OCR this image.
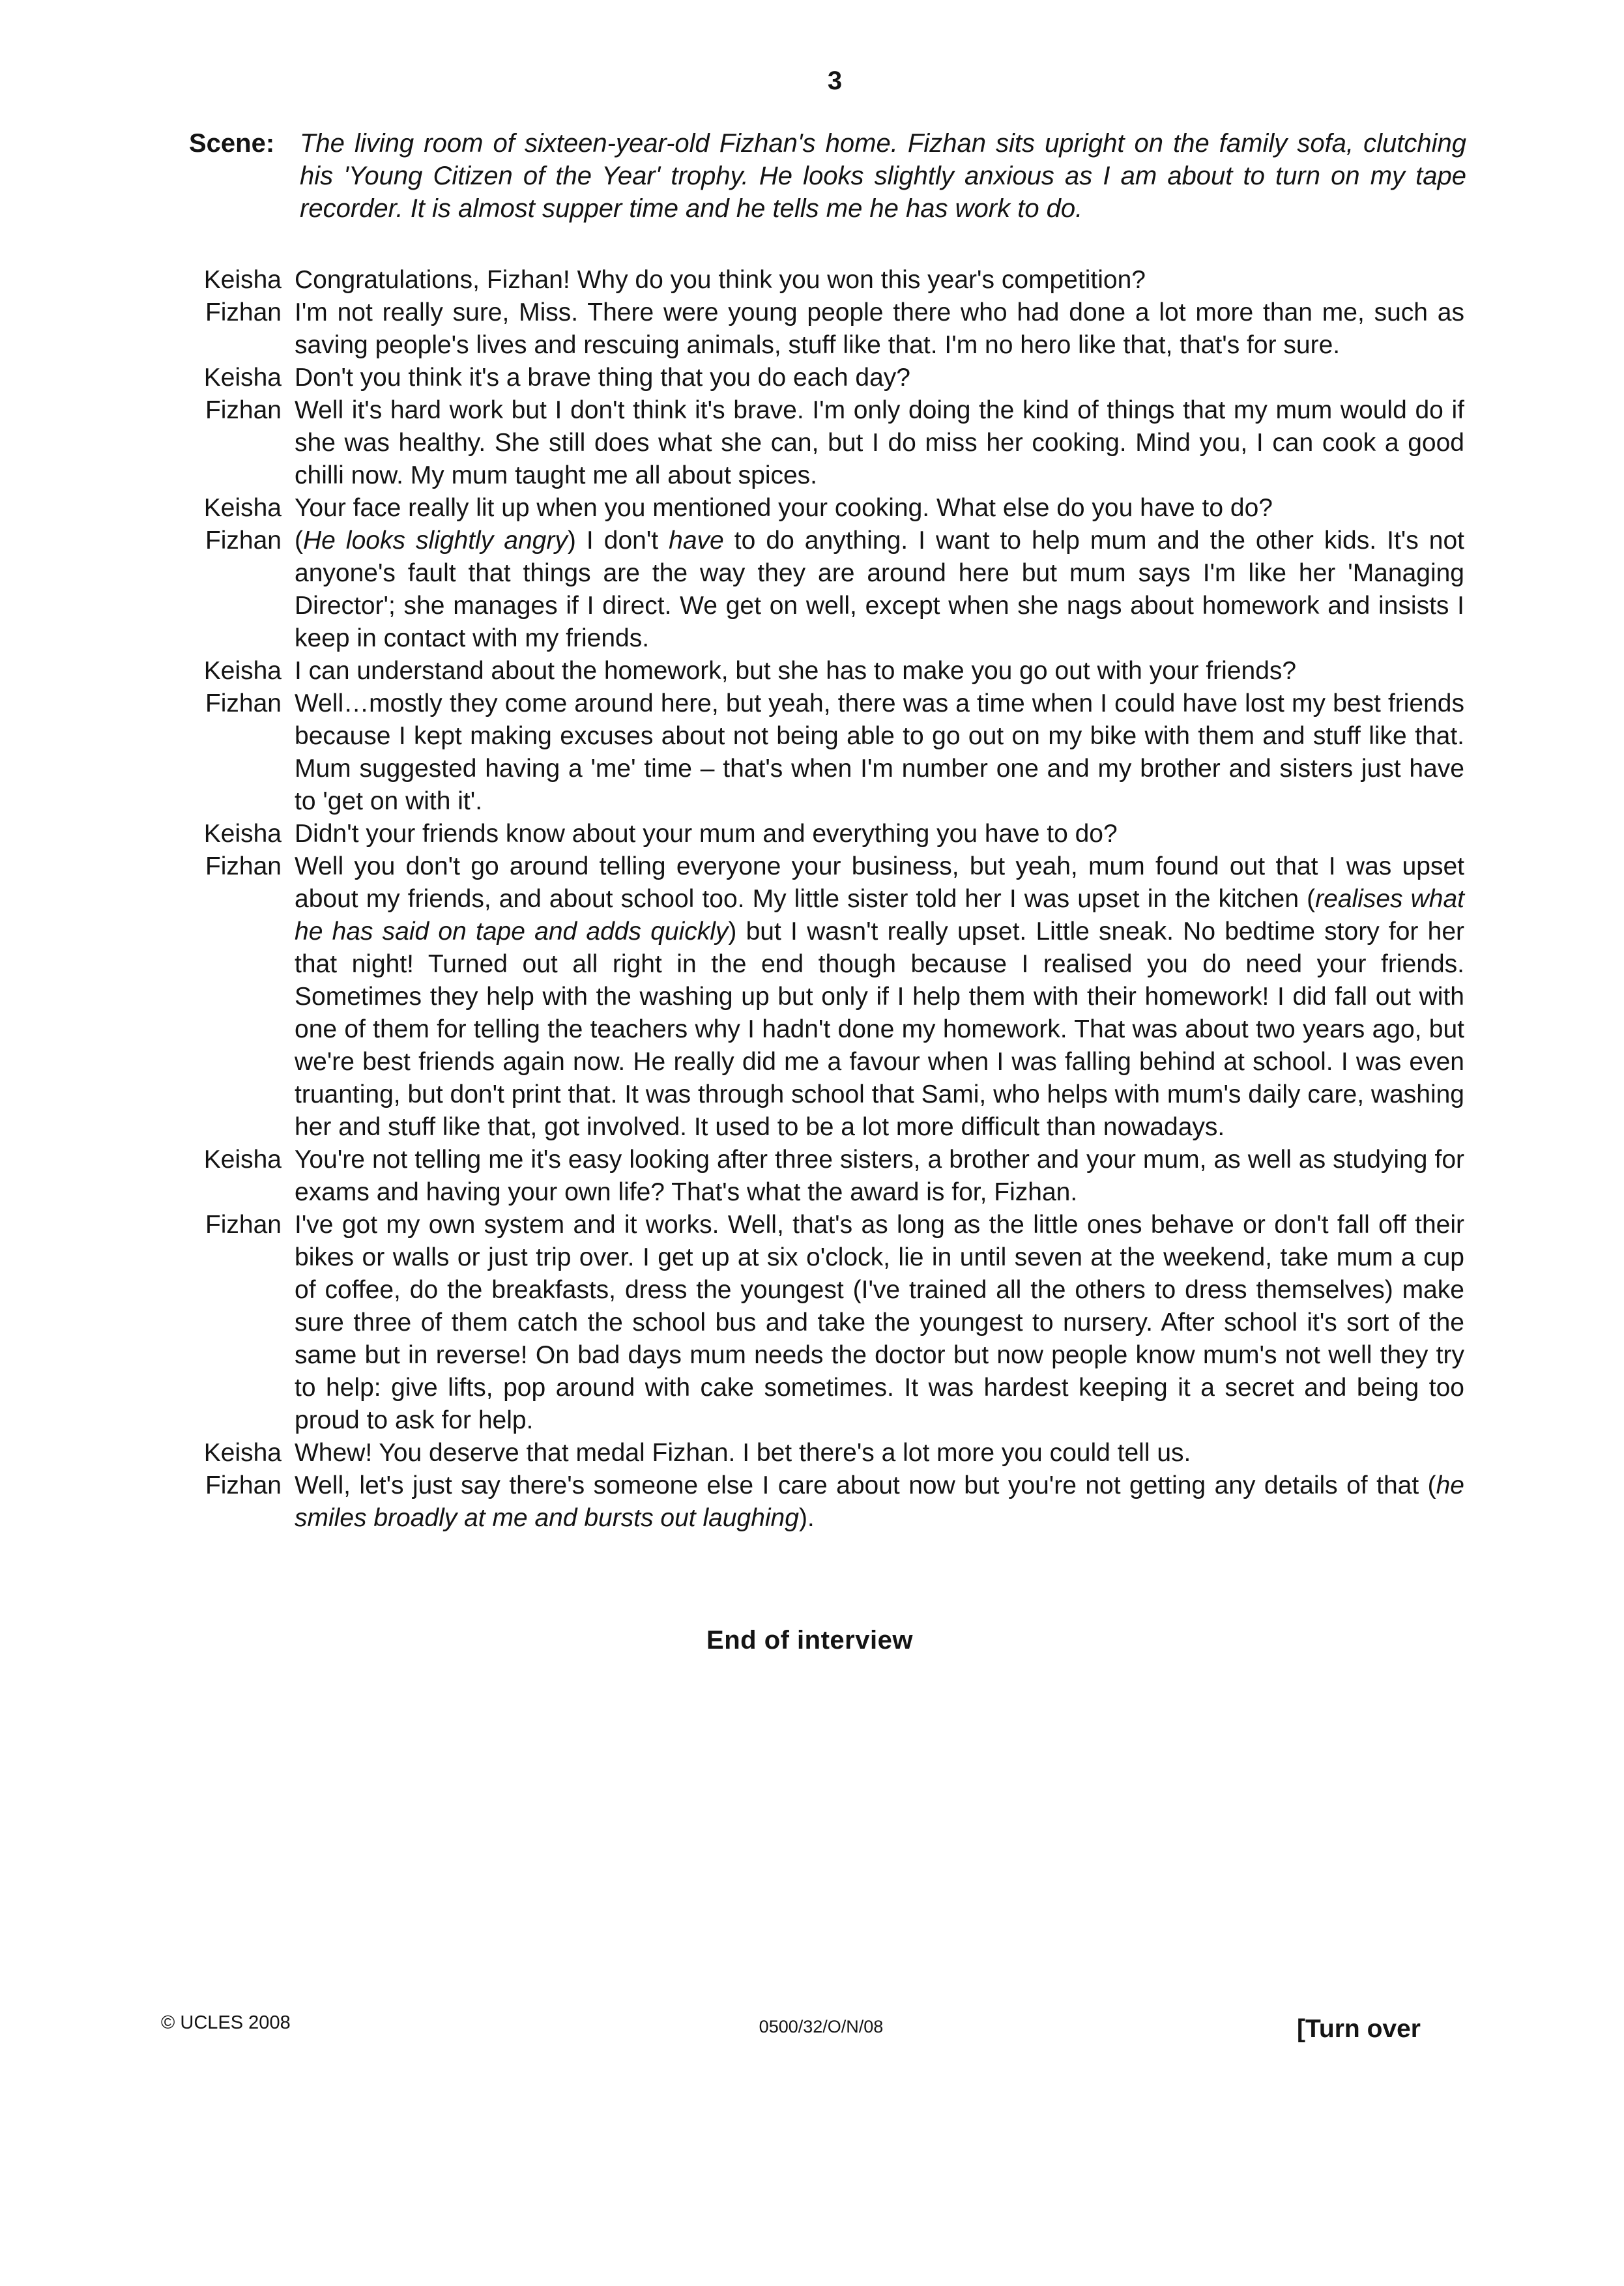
3
Scene: The living room of sixteen-year-old Fizhan's home. Fizhan sits upright on the family sofa, clutching his 'Young Citizen of the Year' trophy. He looks slightly anxious as I am about to turn on my tape recorder. It is almost supper time and he tells me he has work to do.
Keisha Congratulations, Fizhan! Why do you think you won this year's competition?
Fizhan I'm not really sure, Miss. There were young people there who had done a lot more than me, such as saving people's lives and rescuing animals, stuff like that. I'm no hero like that, that's for sure.
Keisha Don't you think it's a brave thing that you do each day?
Fizhan Well it's hard work but I don't think it's brave. I'm only doing the kind of things that my mum would do if she was healthy. She still does what she can, but I do miss her cooking. Mind you, I can cook a good chilli now. My mum taught me all about spices.
Keisha Your face really lit up when you mentioned your cooking. What else do you have to do?
Fizhan (He looks slightly angry) I don't have to do anything. I want to help mum and the other kids. It's not anyone's fault that things are the way they are around here but mum says I'm like her 'Managing Director'; she manages if I direct. We get on well, except when she nags about homework and insists I keep in contact with my friends.
Keisha I can understand about the homework, but she has to make you go out with your friends?
Fizhan Well…mostly they come around here, but yeah, there was a time when I could have lost my best friends because I kept making excuses about not being able to go out on my bike with them and stuff like that. Mum suggested having a 'me' time – that's when I'm number one and my brother and sisters just have to 'get on with it'.
Keisha Didn't your friends know about your mum and everything you have to do?
Fizhan Well you don't go around telling everyone your business, but yeah, mum found out that I was upset about my friends, and about school too. My little sister told her I was upset in the kitchen (realises what he has said on tape and adds quickly) but I wasn't really upset. Little sneak. No bedtime story for her that night! Turned out all right in the end though because I realised you do need your friends. Sometimes they help with the washing up but only if I help them with their homework! I did fall out with one of them for telling the teachers why I hadn't done my homework. That was about two years ago, but we're best friends again now. He really did me a favour when I was falling behind at school. I was even truanting, but don't print that. It was through school that Sami, who helps with mum's daily care, washing her and stuff like that, got involved. It used to be a lot more difficult than nowadays.
Keisha You're not telling me it's easy looking after three sisters, a brother and your mum, as well as studying for exams and having your own life? That's what the award is for, Fizhan.
Fizhan I've got my own system and it works. Well, that's as long as the little ones behave or don't fall off their bikes or walls or just trip over. I get up at six o'clock, lie in until seven at the weekend, take mum a cup of coffee, do the breakfasts, dress the youngest (I've trained all the others to dress themselves) make sure three of them catch the school bus and take the youngest to nursery. After school it's sort of the same but in reverse! On bad days mum needs the doctor but now people know mum's not well they try to help: give lifts, pop around with cake sometimes. It was hardest keeping it a secret and being too proud to ask for help.
Keisha Whew! You deserve that medal Fizhan. I bet there's a lot more you could tell us.
Fizhan Well, let's just say there's someone else I care about now but you're not getting any details of that (he smiles broadly at me and bursts out laughing).
End of interview
© UCLES 2008	0500/32/O/N/08	[Turn over
